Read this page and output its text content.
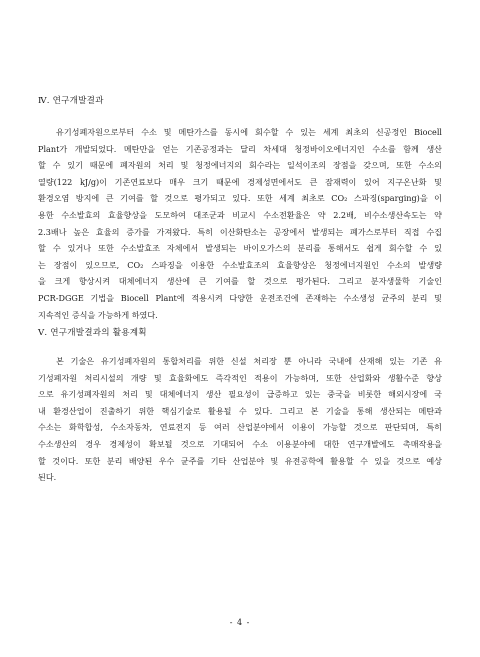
Ⅳ. 연구개발결과
유기성폐자원으로부터 수소 및 메탄가스를 동시에 회수할 수 있는 세계 최초의 신공정인 Biocell
Plant가 개발되었다. 메탄만을 얻는 기존공정과는 달리 차세대 청정바이오에너지인 수소를 함께 생산
할 수 있기 때문에 폐자원의 처리 및 청정에너지의 회수라는 일석이조의 장점을 갖으며, 또한 수소의
열량(122 kJ/g)이 기존연료보다 매우 크기 때문에 경제성면에서도 큰 잠재력이 있어 지구온난화 및
환경오염 방지에 큰 기여를 할 것으로 평가되고 있다. 또한 세계 최초로 CO₂ 스파징(sparging)을 이
용한 수소발효의 효율향상을 도모하여 대조군과 비교시 수소전환율은 약 2.2배, 비수소생산속도는 약
2.3배나 높은 효율의 증가를 가져왔다. 특히 이산화탄소는 공장에서 발생되는 폐가스로부터 직접 수집
할 수 있거나 또한 수소발효조 자체에서 발생되는 바이오가스의 분리를 통해서도 쉽게 회수할 수 있
는 장점이 있으므로, CO₂ 스파징을 이용한 수소발효조의 효율향상은 청정에너지원인 수소의 발생량
을 크게 향상시켜 대체에너지 생산에 큰 기여를 할 것으로 평가된다. 그리고 분자생물학 기술인
PCR-DGGE 기법을 Biocell Plant에 적용시켜 다양한 운전조건에 존재하는 수소생성 균주의 분리 및
지속적인 증식을 가능하게 하였다.
Ⅴ. 연구개발결과의 활용계획
본 기술은 유기성폐자원의 통합처리를 위한 신설 처리장 뿐 아니라 국내에 산재해 있는 기존 유
기성폐자원 처리시설의 개량 및 효율화에도 즉각적인 적용이 가능하며, 또한 산업화와 생활수준 향상
으로 유기성폐자원의 처리 및 대체에너지 생산 필요성이 급증하고 있는 중국을 비롯한 해외시장에 국
내 환경산업이 진출하기 위한 핵심기술로 활용될 수 있다. 그리고 본 기술을 통해 생산되는 메탄과
수소는 화학합성, 수소자동차, 연료전지 등 여러 산업분야에서 이용이 가능할 것으로 판단되며, 특히
수소생산의 경우 경제성이 확보될 것으로 기대되어 수소 이용분야에 대한 연구개발에도 촉매작용을
할 것이다. 또한 분리 배양된 우수 균주를 기타 산업분야 및 유전공학에 활용할 수 있을 것으로 예상
된다.
- 4 -
